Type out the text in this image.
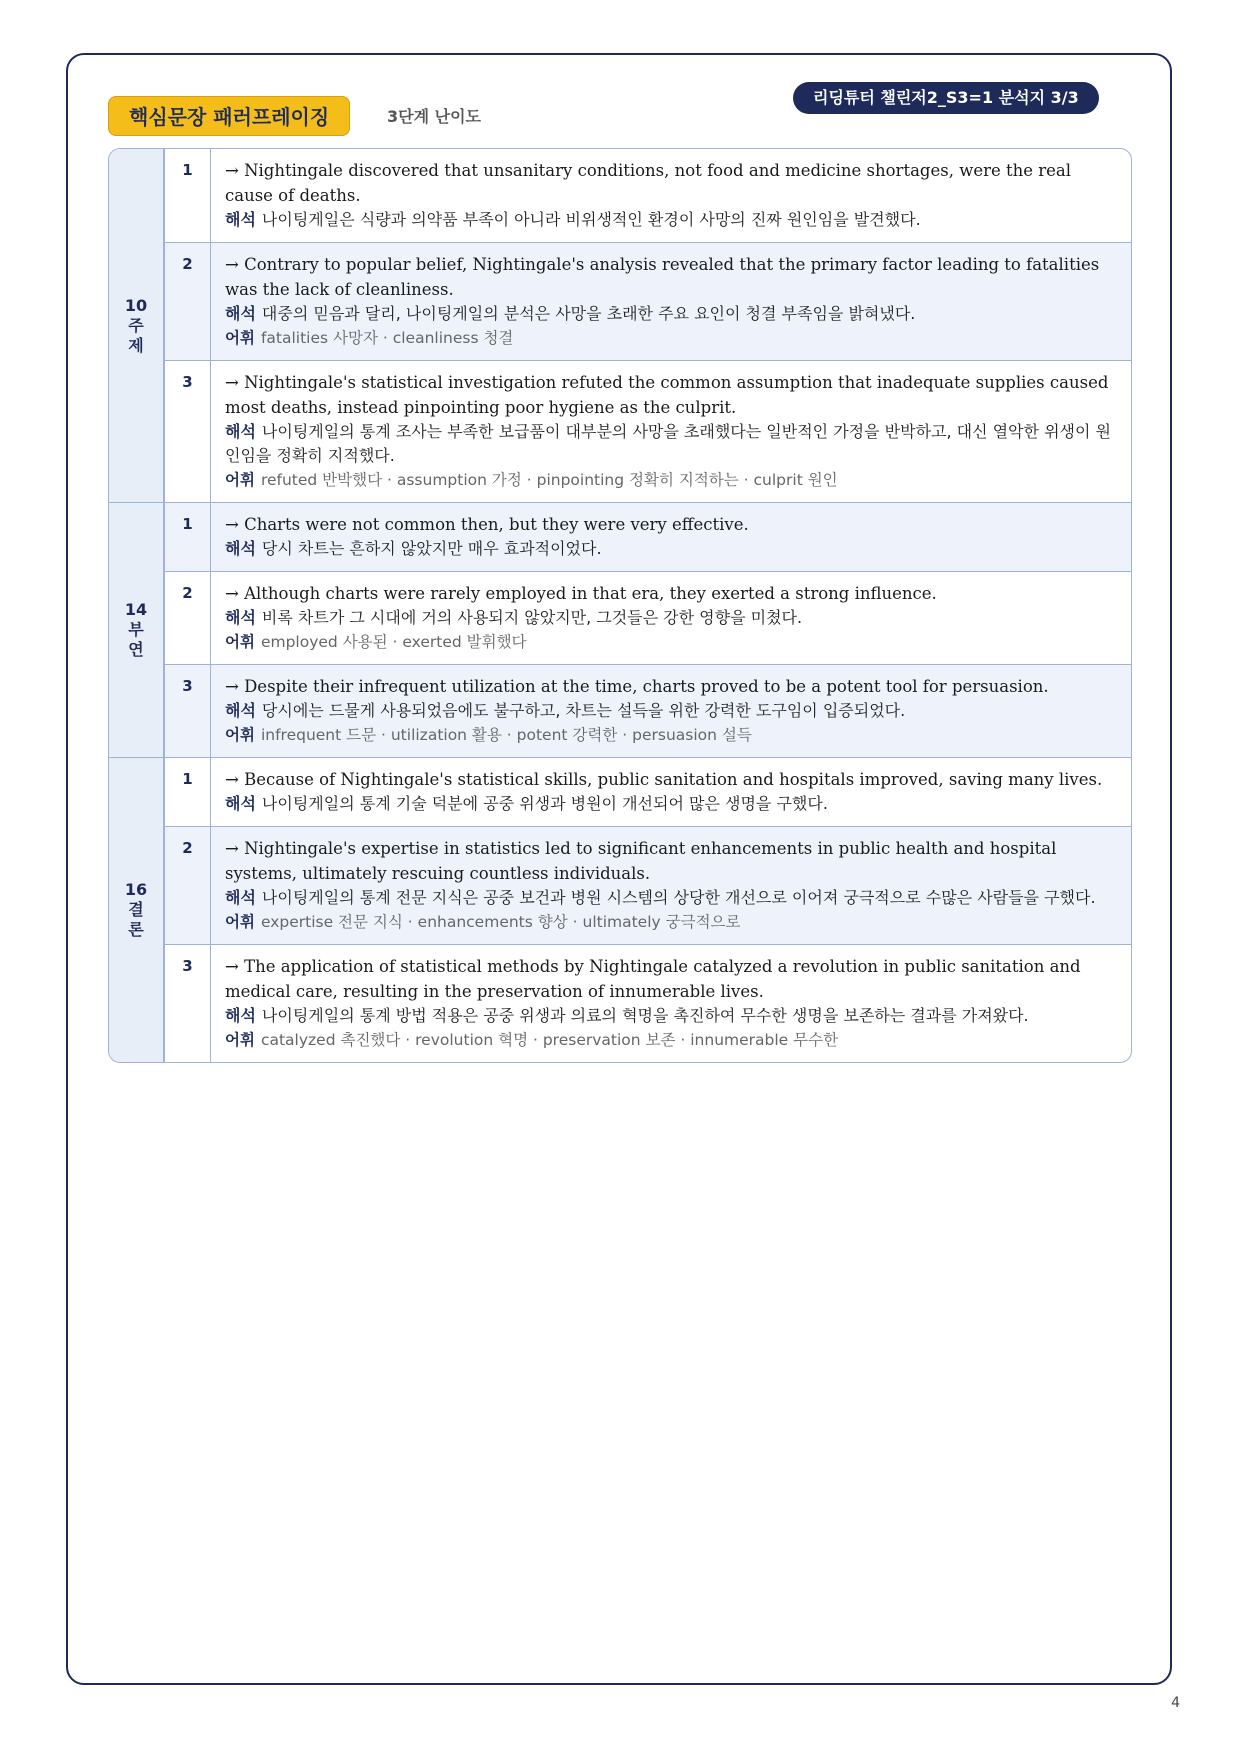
핵심문장 패러프레이징	3단계 난이도
리딩튜터 챌린저2_S3=1 분석지 3/3
10
주
제
1	→ Nightingale discovered that unsanitary conditions, not food and medicine shortages, were the real cause of deaths.
해석 나이팅게일은 식량과 의약품 부족이 아니라 비위생적인 환경이 사망의 진짜 원인임을 발견했다.
2	→ Contrary to popular belief, Nightingale's analysis revealed that the primary factor leading to fatalities was the lack of cleanliness.
해석 대중의 믿음과 달리, 나이팅게일의 분석은 사망을 초래한 주요 요인이 청결 부족임을 밝혀냈다.
어휘 fatalities 사망자 · cleanliness 청결
3	→ Nightingale's statistical investigation refuted the common assumption that inadequate supplies caused most deaths, instead pinpointing poor hygiene as the culprit.
해석 나이팅게일의 통계 조사는 부족한 보급품이 대부분의 사망을 초래했다는 일반적인 가정을 반박하고, 대신 열악한 위생이 원인임을 정확히 지적했다.
어휘 refuted 반박했다 · assumption 가정 · pinpointing 정확히 지적하는 · culprit 원인
14
부
연
1	→ Charts were not common then, but they were very effective.
해석 당시 차트는 흔하지 않았지만 매우 효과적이었다.
2	→ Although charts were rarely employed in that era, they exerted a strong influence.
해석 비록 차트가 그 시대에 거의 사용되지 않았지만, 그것들은 강한 영향을 미쳤다.
어휘 employed 사용된 · exerted 발휘했다
3	→ Despite their infrequent utilization at the time, charts proved to be a potent tool for persuasion.
해석 당시에는 드물게 사용되었음에도 불구하고, 차트는 설득을 위한 강력한 도구임이 입증되었다.
어휘 infrequent 드문 · utilization 활용 · potent 강력한 · persuasion 설득
16
결
론
1	→ Because of Nightingale's statistical skills, public sanitation and hospitals improved, saving many lives.
해석 나이팅게일의 통계 기술 덕분에 공중 위생과 병원이 개선되어 많은 생명을 구했다.
2	→ Nightingale's expertise in statistics led to significant enhancements in public health and hospital systems, ultimately rescuing countless individuals.
해석 나이팅게일의 통계 전문 지식은 공중 보건과 병원 시스템의 상당한 개선으로 이어져 궁극적으로 수많은 사람들을 구했다.
어휘 expertise 전문 지식 · enhancements 향상 · ultimately 궁극적으로
3	→ The application of statistical methods by Nightingale catalyzed a revolution in public sanitation and medical care, resulting in the preservation of innumerable lives.
해석 나이팅게일의 통계 방법 적용은 공중 위생과 의료의 혁명을 촉진하여 무수한 생명을 보존하는 결과를 가져왔다.
어휘 catalyzed 촉진했다 · revolution 혁명 · preservation 보존 · innumerable 무수한
4
